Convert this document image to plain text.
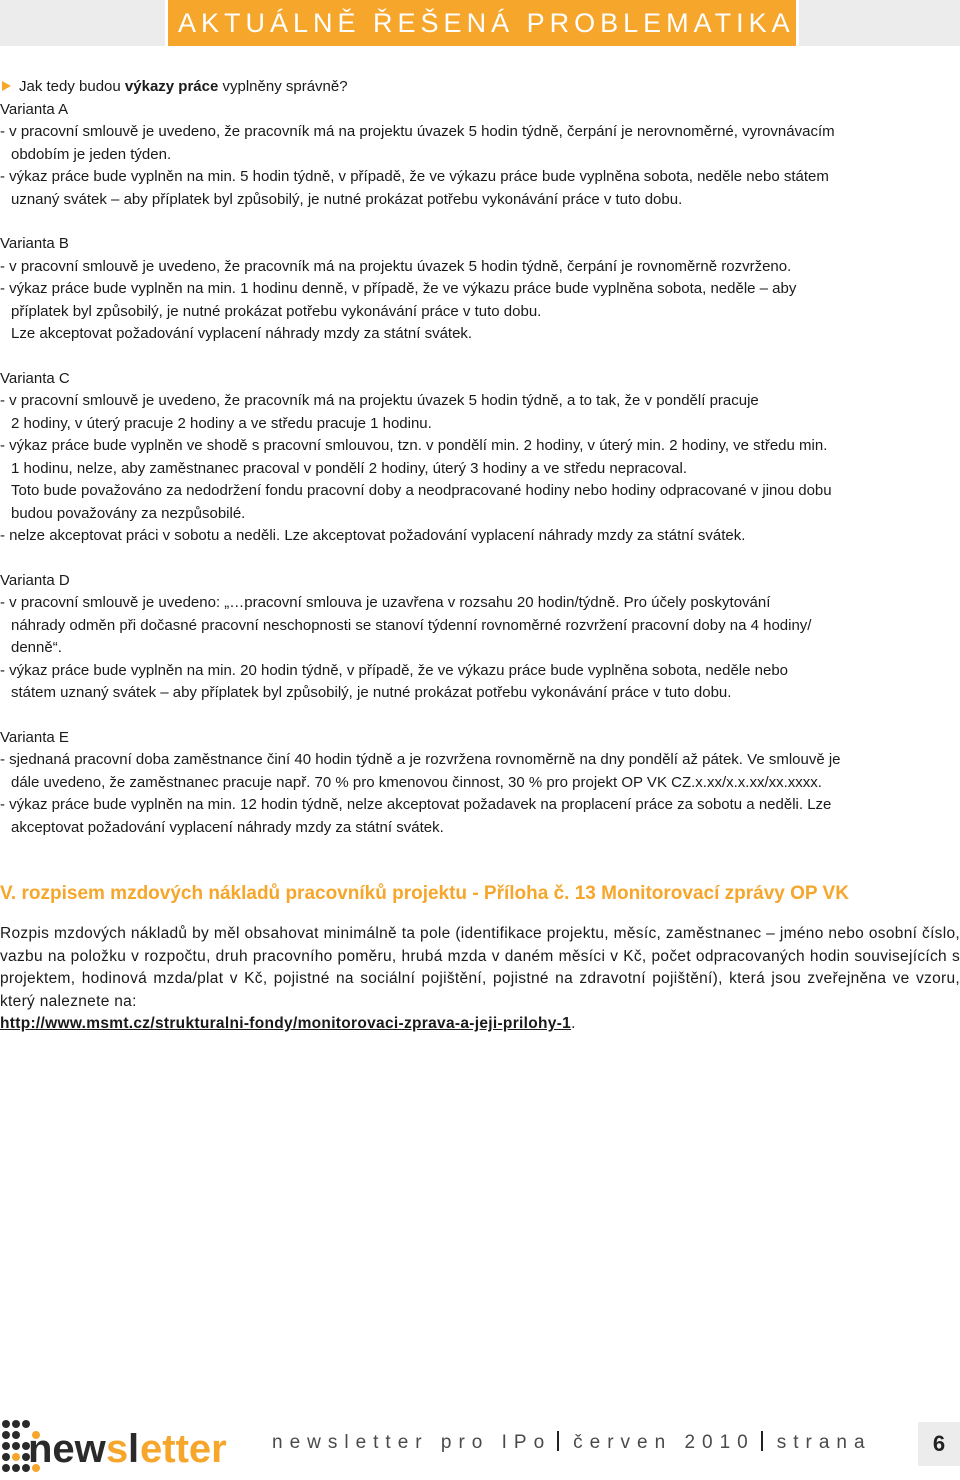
AKTUÁLNĚ ŘEŠENÁ PROBLEMATIKA
Jak tedy budou výkazy práce vyplněny správně?
Varianta A
- v pracovní smlouvě je uvedeno, že pracovník má na projektu úvazek 5 hodin týdně, čerpání je nerovnoměrné, vyrovnávacím
obdobím je jeden týden.
- výkaz práce bude vyplněn na min. 5 hodin týdně, v případě, že ve výkazu práce bude vyplněna sobota, neděle nebo státem
uznaný svátek – aby příplatek byl způsobilý, je nutné prokázat potřebu vykonávání práce v tuto dobu.
Varianta B
- v pracovní smlouvě je uvedeno, že pracovník má na projektu úvazek 5 hodin týdně, čerpání je rovnoměrně rozvrženo.
- výkaz práce bude vyplněn na min. 1 hodinu denně, v případě, že ve výkazu práce bude vyplněna sobota, neděle – aby
příplatek byl způsobilý, je nutné prokázat potřebu vykonávání práce v tuto dobu.
Lze akceptovat požadování vyplacení náhrady mzdy za státní svátek.
Varianta C
- v pracovní smlouvě je uvedeno, že pracovník má na projektu úvazek 5 hodin týdně, a to tak, že v pondělí pracuje
2 hodiny, v úterý pracuje 2 hodiny a ve středu pracuje 1 hodinu.
- výkaz práce bude vyplněn ve shodě s pracovní smlouvou, tzn. v pondělí min. 2 hodiny, v úterý min. 2 hodiny, ve středu min.
1 hodinu, nelze, aby zaměstnanec pracoval v pondělí 2 hodiny, úterý 3 hodiny a ve středu nepracoval.
Toto bude považováno za nedodržení fondu pracovní doby a neodpracované hodiny nebo hodiny odpracované v jinou dobu
budou považovány za nezpůsobilé.
- nelze akceptovat práci v sobotu a neděli. Lze akceptovat požadování vyplacení náhrady mzdy za státní svátek.
Varianta D
- v pracovní smlouvě je uvedeno: „…pracovní smlouva je uzavřena v rozsahu 20 hodin/týdně. Pro účely poskytování
náhrady odměn při dočasné pracovní neschopnosti se stanoví týdenní rovnoměrné rozvržení pracovní doby na 4 hodiny/
denně“.
- výkaz práce bude vyplněn na min. 20 hodin týdně, v případě, že ve výkazu práce bude vyplněna sobota, neděle nebo
státem uznaný svátek – aby příplatek byl způsobilý, je nutné prokázat potřebu vykonávání práce v tuto dobu.
Varianta E
- sjednaná pracovní doba zaměstnance činí 40 hodin týdně a je rozvržena rovnoměrně na dny pondělí až pátek. Ve smlouvě je
dále uvedeno, že zaměstnanec pracuje např. 70 % pro kmenovou činnost, 30 % pro projekt OP VK CZ.x.xx/x.x.xx/xx.xxxx.
- výkaz práce bude vyplněn na min. 12 hodin týdně, nelze akceptovat požadavek na proplacení práce za sobotu a neděli. Lze
akceptovat požadování vyplacení náhrady mzdy za státní svátek.
V. rozpisem mzdových nákladů pracovníků projektu - Příloha č. 13 Monitorovací zprávy OP VK
Rozpis mzdových nákladů by měl obsahovat minimálně ta pole (identifikace projektu, měsíc, zaměstnanec – jméno nebo osobní číslo, vazbu na položku v rozpočtu, druh pracovního poměru, hrubá mzda v daném měsíci v Kč, počet odpracovaných hodin souvisejících s projektem, hodinová mzda/plat v Kč, pojistné na sociální pojištění, pojistné na zdravotní pojištění), která jsou zveřejněna ve vzoru, který naleznete na:
http://www.msmt.cz/strukturalni-fondy/monitorovaci-zprava-a-jeji-prilohy-1.
new s l etter newsletter pro IPo červen 2010 strana	6
